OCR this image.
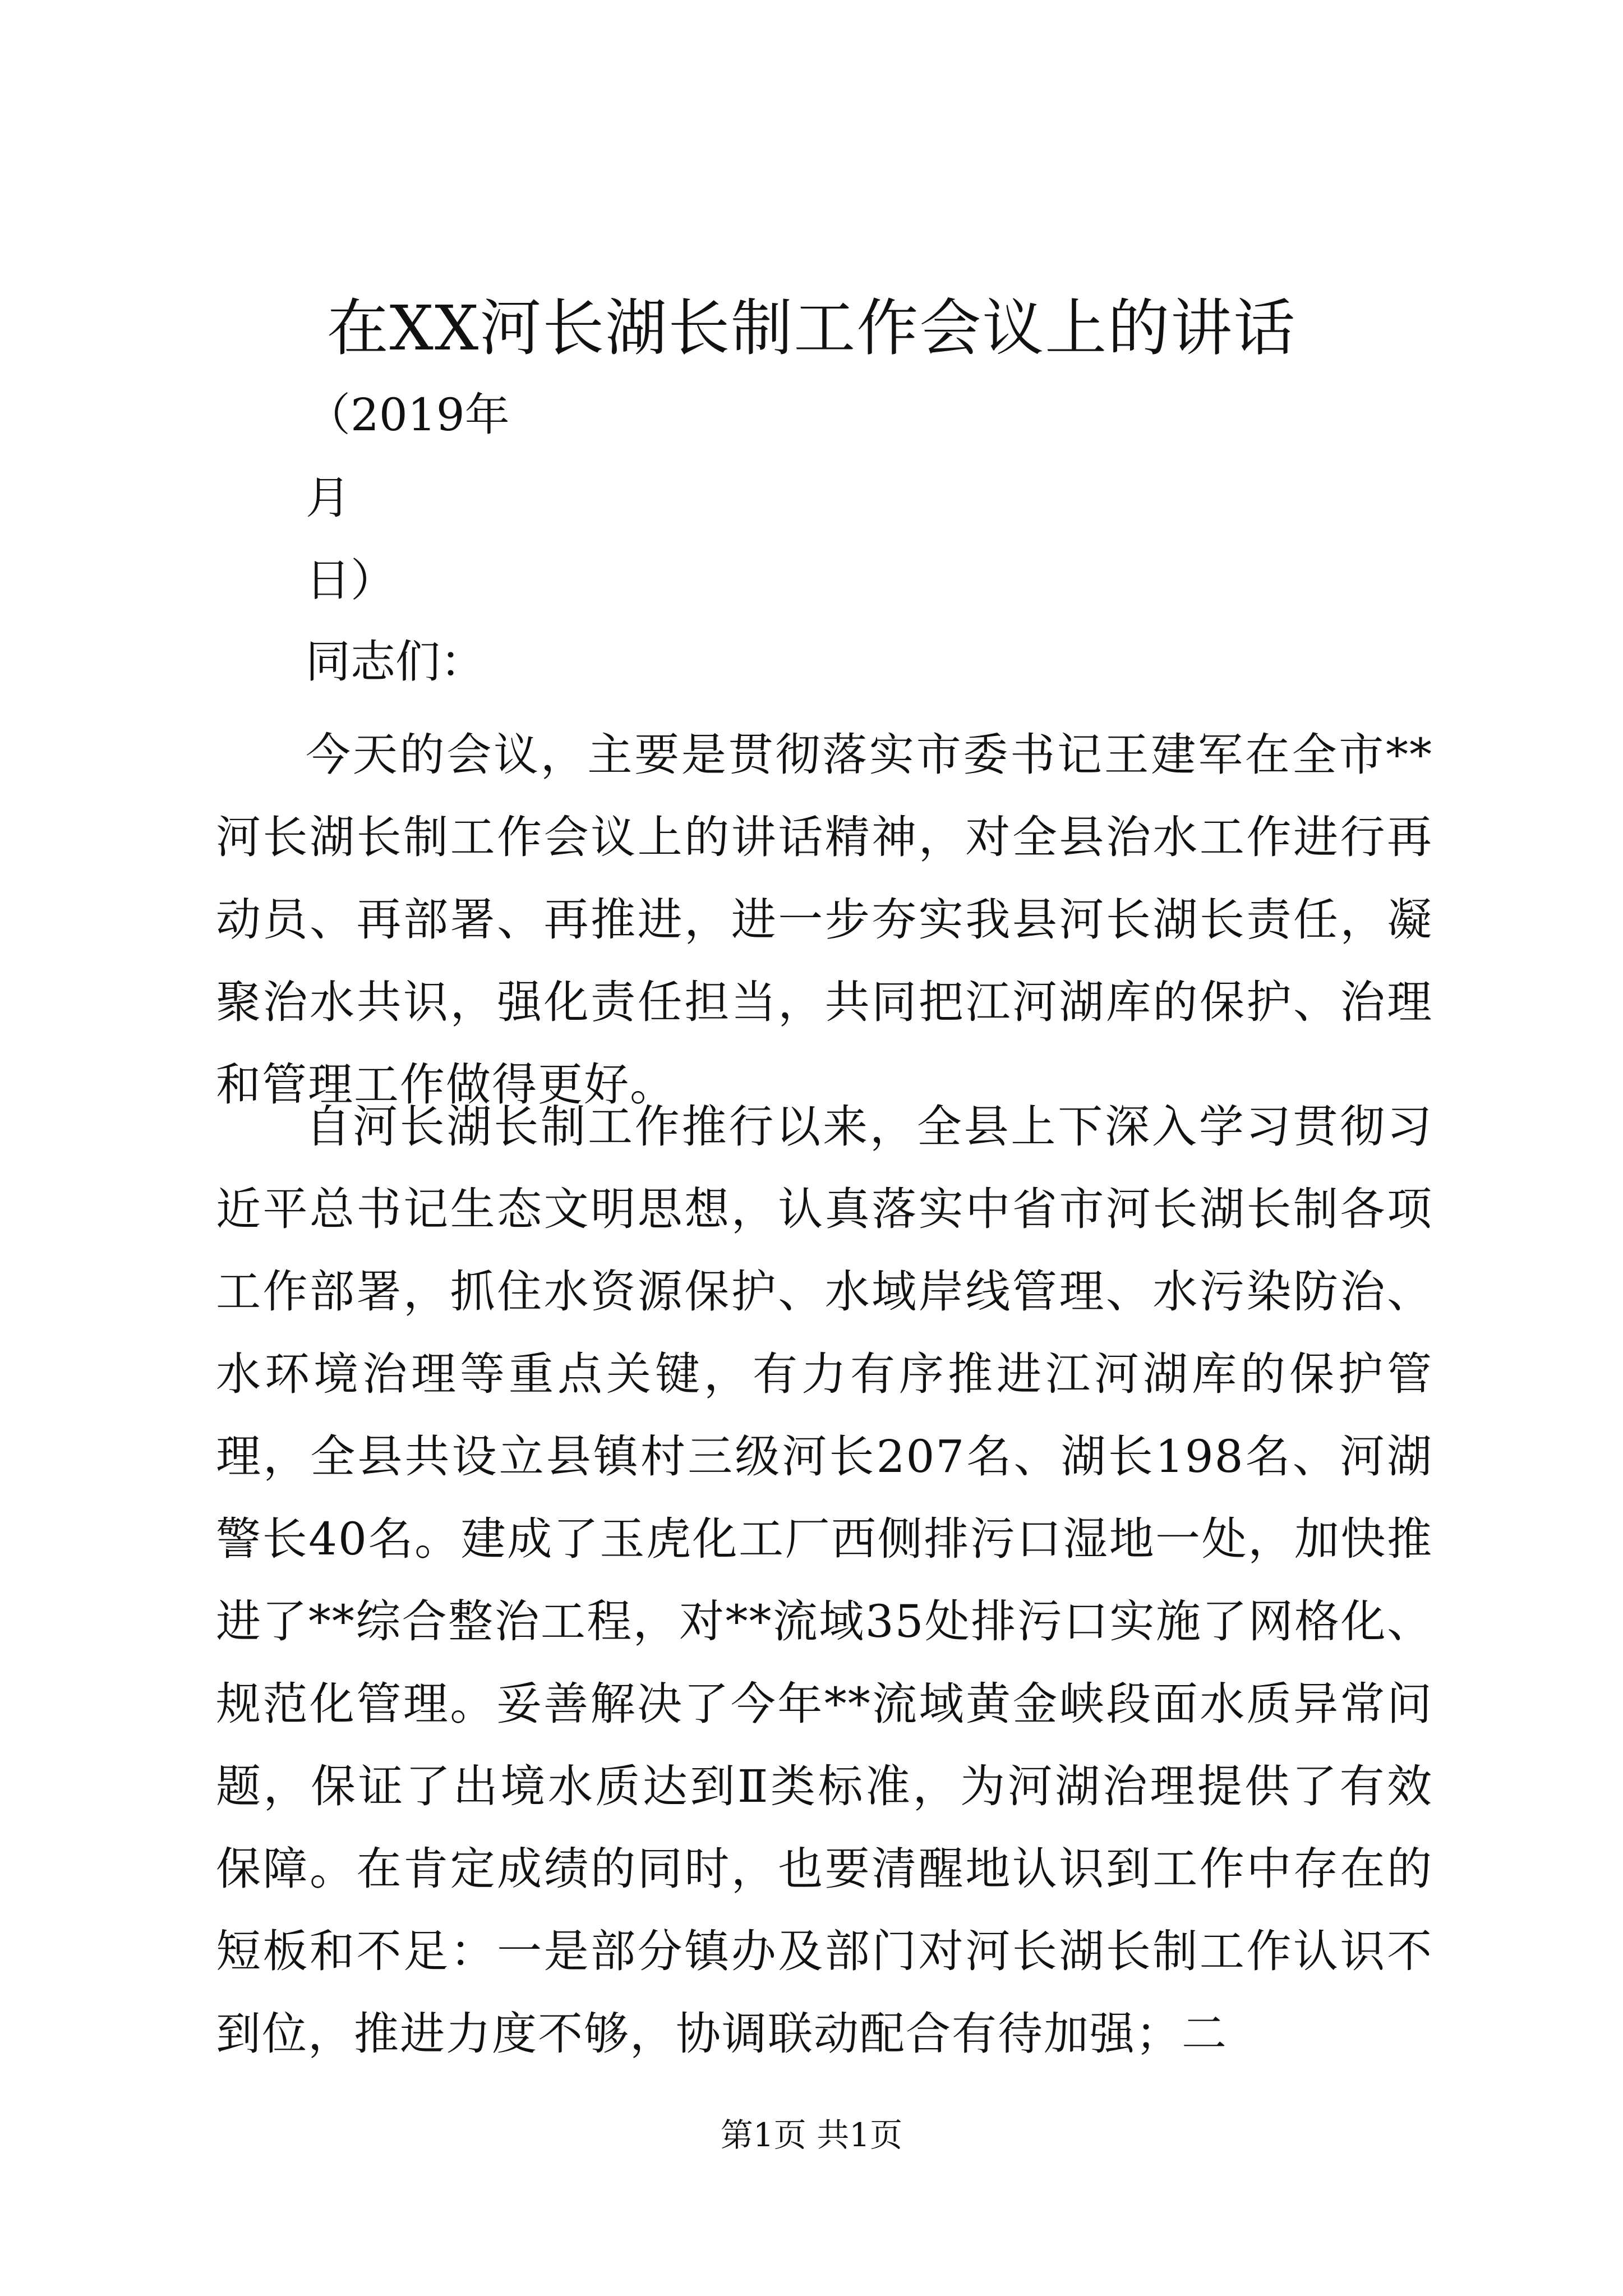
在XX河长湖长制工作会议上的讲话

（2019年

月

日）

同志们：

今天的会议，主要是贯彻落实市委书记王建军在全市**河长湖长制工作会议上的讲话精神，对全县治水工作进行再动员、再部署、再推进，进一步夯实我县河长湖长责任，凝聚治水共识，强化责任担当，共同把江河湖库的保护、治理和管理工作做得更好。

自河长湖长制工作推行以来，全县上下深入学习贯彻习近平总书记生态文明思想，认真落实中省市河长湖长制各项工作部署，抓住水资源保护、水域岸线管理、水污染防治、水环境治理等重点关键，有力有序推进江河湖库的保护管理，全县共设立县镇村三级河长207名、湖长198名、河湖警长40名。建成了玉虎化工厂西侧排污口湿地一处，加快推进了**综合整治工程，对**流域35处排污口实施了网格化、规范化管理。妥善解决了今年**流域黄金峡段面水质异常问题，保证了出境水质达到Ⅱ类标准，为河湖治理提供了有效保障。在肯定成绩的同时，也要清醒地认识到工作中存在的短板和不足：一是部分镇办及部门对河长湖长制工作认识不到位，推进力度不够，协调联动配合有待加强；二

第1页 共1页
